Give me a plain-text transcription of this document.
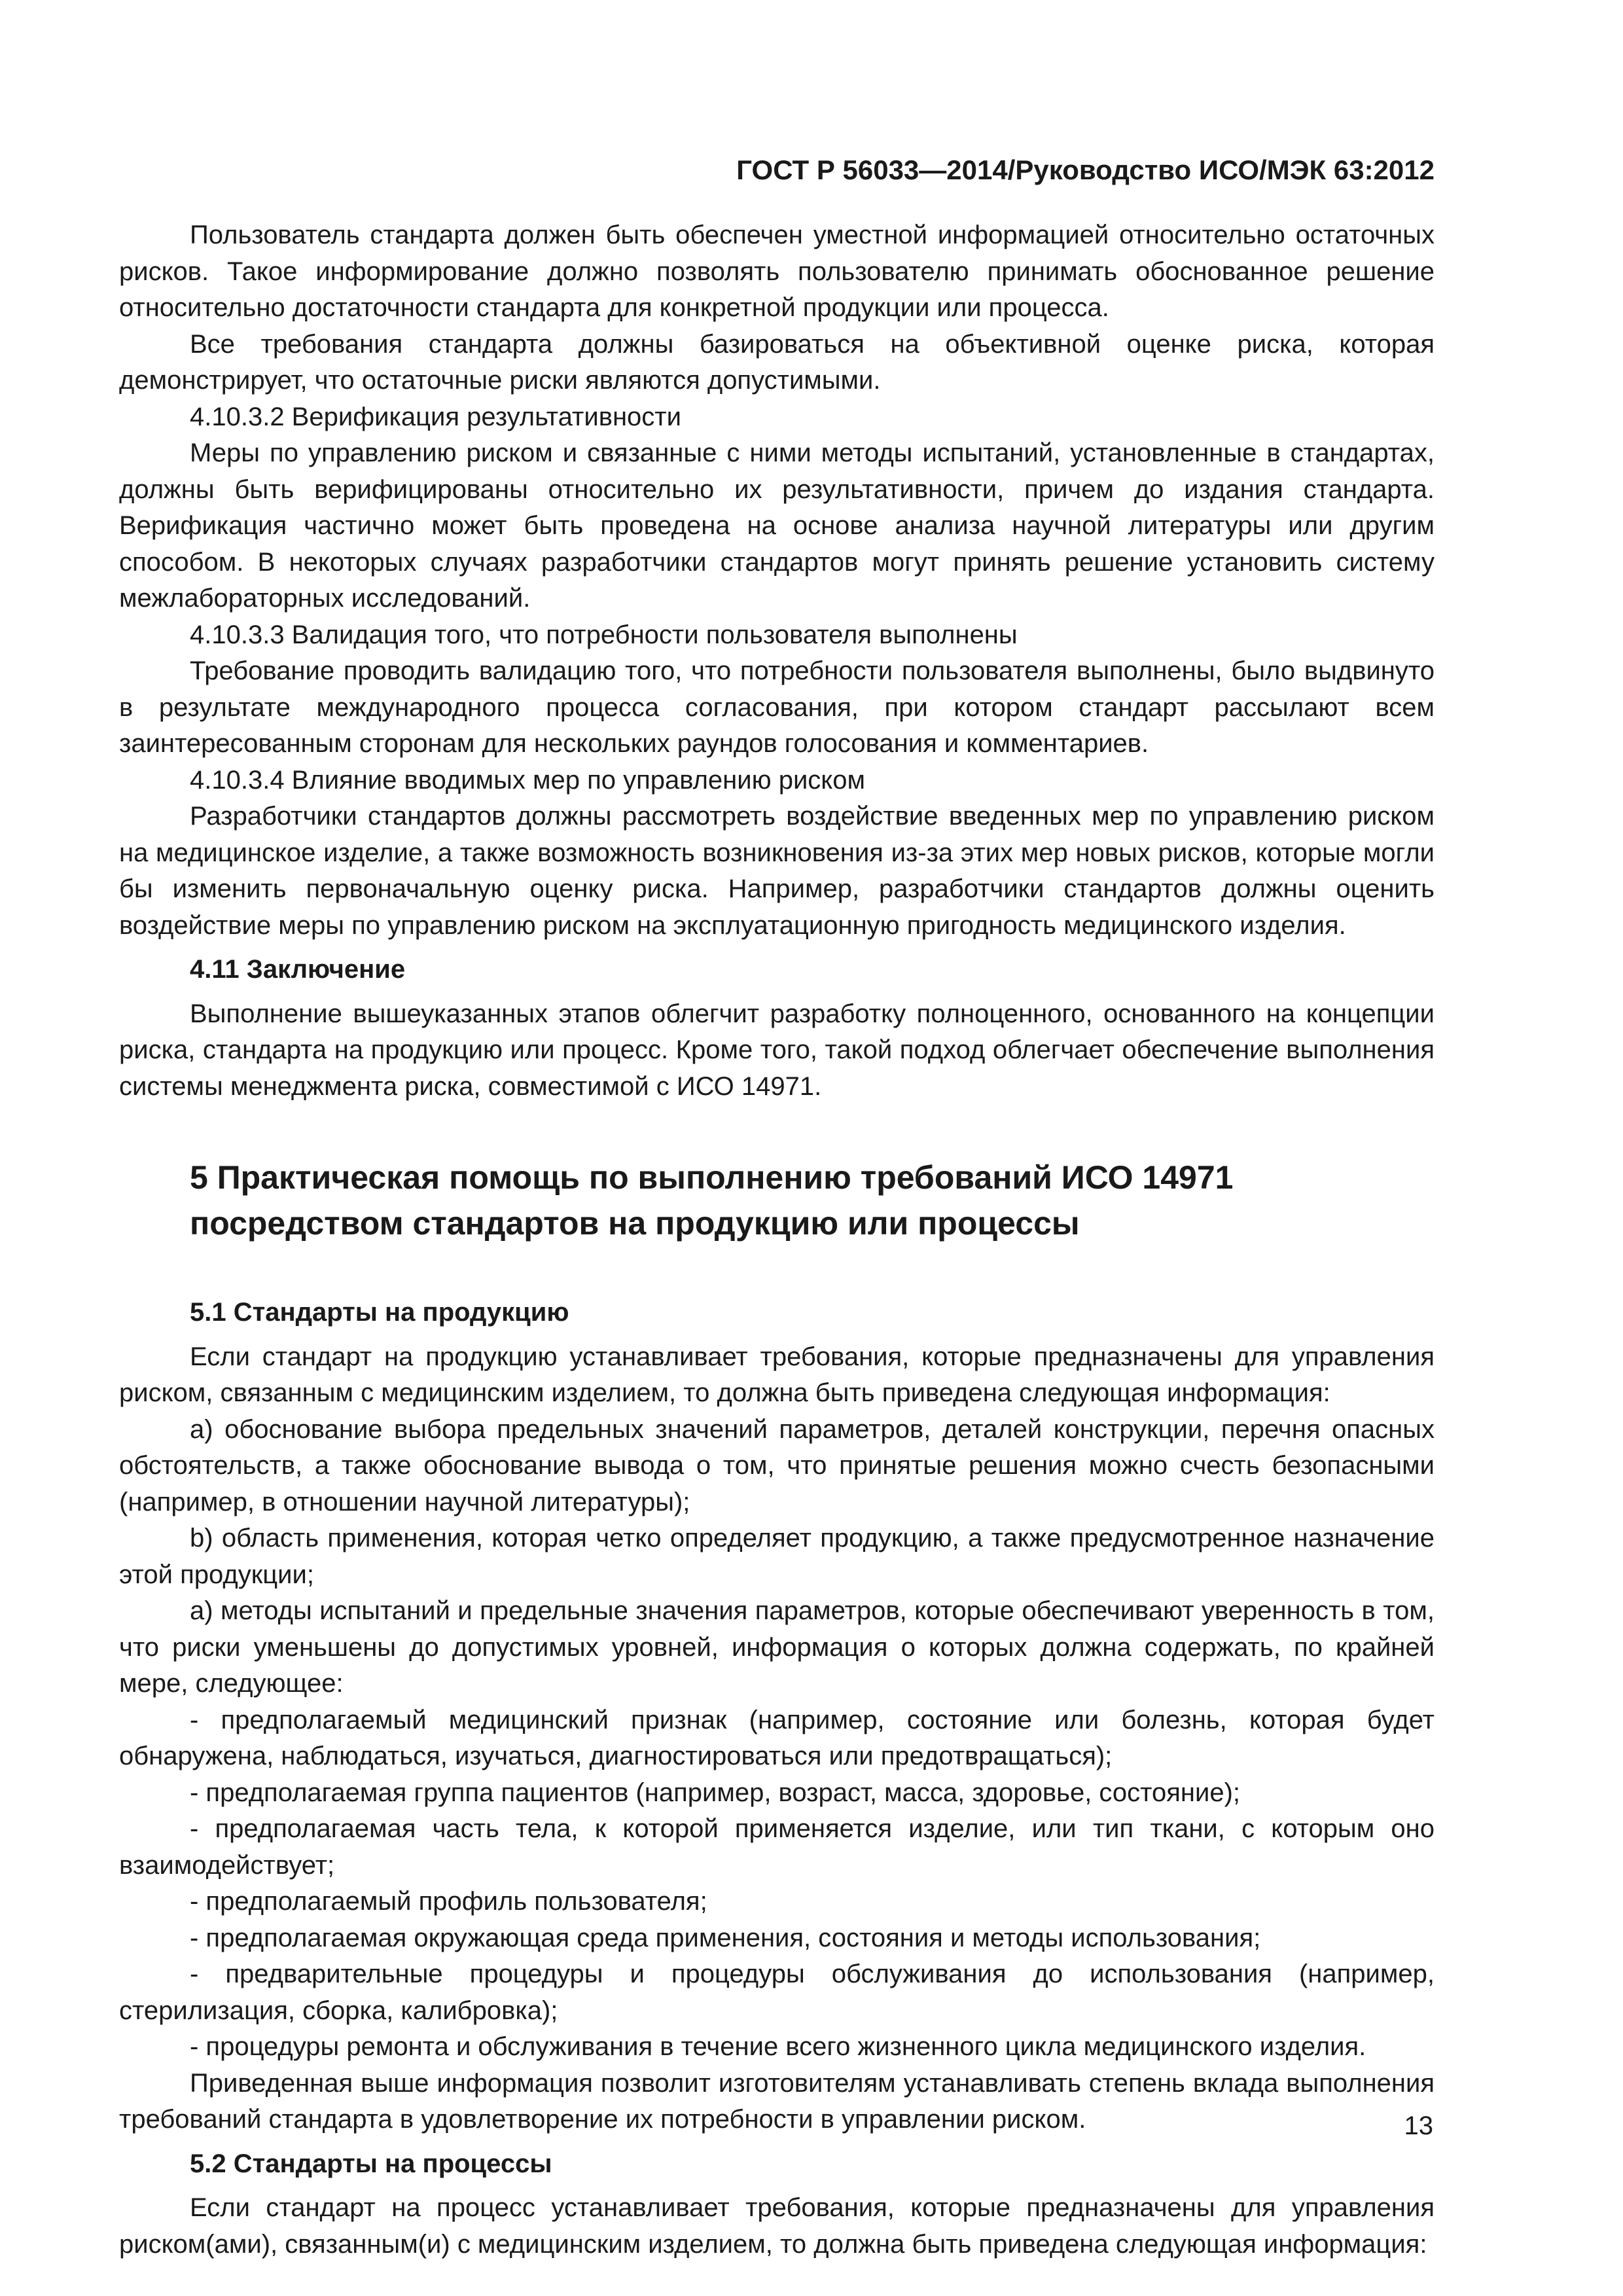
ГОСТ Р 56033—2014/Руководство ИСО/МЭК 63:2012

Пользователь стандарта должен быть обеспечен уместной информацией относительно остаточных рисков. Такое информирование должно позволять пользователю принимать обоснованное решение относительно достаточности стандарта для конкретной продукции или процесса.

Все требования стандарта должны базироваться на объективной оценке риска, которая демонстрирует, что остаточные риски являются допустимыми.

4.10.3.2 Верификация результативности

Меры по управлению риском и связанные с ними методы испытаний, установленные в стандартах, должны быть верифицированы относительно их результативности, причем до издания стандарта. Верификация частично может быть проведена на основе анализа научной литературы или другим способом. В некоторых случаях разработчики стандартов могут принять решение установить систему межлабораторных исследований.

4.10.3.3 Валидация того, что потребности пользователя выполнены

Требование проводить валидацию того, что потребности пользователя выполнены, было выдвинуто в результате международного процесса согласования, при котором стандарт рассылают всем заинтересованным сторонам для нескольких раундов голосования и комментариев.

4.10.3.4 Влияние вводимых мер по управлению риском

Разработчики стандартов должны рассмотреть воздействие введенных мер по управлению риском на медицинское изделие, а также возможность возникновения из-за этих мер новых рисков, которые могли бы изменить первоначальную оценку риска. Например, разработчики стандартов должны оценить воздействие меры по управлению риском на эксплуатационную пригодность медицинского изделия.

4.11 Заключение

Выполнение вышеуказанных этапов облегчит разработку полноценного, основанного на концепции риска, стандарта на продукцию или процесс. Кроме того, такой подход облегчает обеспечение выполнения системы менеджмента риска, совместимой с ИСО 14971.

5 Практическая помощь по выполнению требований ИСО 14971
посредством стандартов на продукцию или процессы

5.1 Стандарты на продукцию

Если стандарт на продукцию устанавливает требования, которые предназначены для управления риском, связанным с медицинским изделием, то должна быть приведена следующая информация:

a) обоснование выбора предельных значений параметров, деталей конструкции, перечня опасных обстоятельств, а также обоснование вывода о том, что принятые решения можно счесть безопасными (например, в отношении научной литературы);

b) область применения, которая четко определяет продукцию, а также предусмотренное назначение этой продукции;

a) методы испытаний и предельные значения параметров, которые обеспечивают уверенность в том, что риски уменьшены до допустимых уровней, информация о которых должна содержать, по крайней мере, следующее:

- предполагаемый медицинский признак (например, состояние или болезнь, которая будет обнаружена, наблюдаться, изучаться, диагностироваться или предотвращаться);

- предполагаемая группа пациентов (например, возраст, масса, здоровье, состояние);

- предполагаемая часть тела, к которой применяется изделие, или тип ткани, с которым оно взаимодействует;

- предполагаемый профиль пользователя;

- предполагаемая окружающая среда применения, состояния и методы использования;

- предварительные процедуры и процедуры обслуживания до использования (например, стерилизация, сборка, калибровка);

- процедуры ремонта и обслуживания в течение всего жизненного цикла медицинского изделия.

Приведенная выше информация позволит изготовителям устанавливать степень вклада выполнения требований стандарта в удовлетворение их потребности в управлении риском.

5.2 Стандарты на процессы

Если стандарт на процесс устанавливает требования, которые предназначены для управления риском(ами), связанным(и) с медицинским изделием, то должна быть приведена следующая информация:

13
